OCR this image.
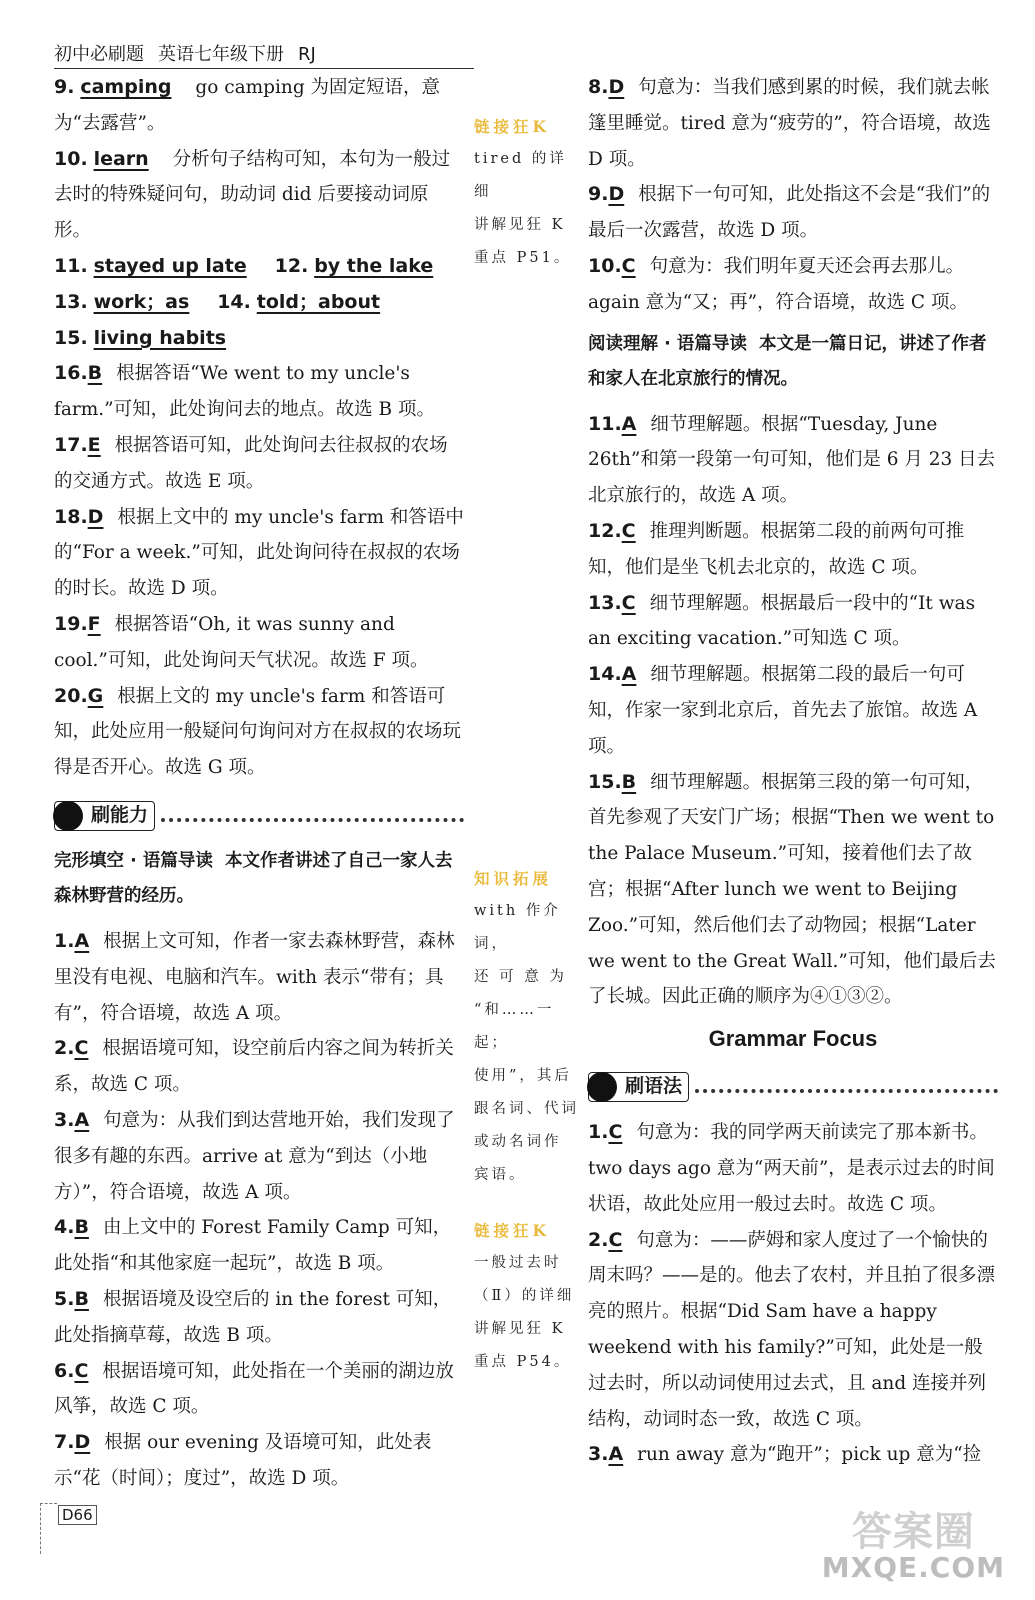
初中必刷题 英语七年级下册 RJ
9. camping go camping 为固定短语，意为“去露营”。
10. learn 分析句子结构可知，本句为一般过去时的特殊疑问句，助动词 did 后要接动词原形。
11. stayed up late 12. by the lake
13. work；as 14. told；about
15. living habits
16.B 根据答语“We went to my uncle's farm.”可知，此处询问去的地点。故选 B 项。
17.E 根据答语可知，此处询问去往叔叔的农场的交通方式。故选 E 项。
18.D 根据上文中的 my uncle's farm 和答语中的“For a week.”可知，此处询问待在叔叔的农场的时长。故选 D 项。
19.F 根据答语“Oh, it was sunny and cool.”可知，此处询问天气状况。故选 F 项。
20.G 根据上文的 my uncle's farm 和答语可知，此处应用一般疑问句询问对方在叔叔的农场玩得是否开心。故选 G 项。
刷能力
完形填空 · 语篇导读 本文作者讲述了自己一家人去森林野营的经历。
1.A 根据上文可知，作者一家去森林野营，森林里没有电视、电脑和汽车。with 表示“带有；具有”，符合语境，故选 A 项。
2.C 根据语境可知，设空前后内容之间为转折关系，故选 C 项。
3.A 句意为：从我们到达营地开始，我们发现了很多有趣的东西。arrive at 意为“到达（小地方）”，符合语境，故选 A 项。
4.B 由上文中的 Forest Family Camp 可知，此处指“和其他家庭一起玩”，故选 B 项。
5.B 根据语境及设空后的 in the forest 可知，此处指摘草莓，故选 B 项。
6.C 根据语境可知，此处指在一个美丽的湖边放风筝，故选 C 项。
7.D 根据 our evening 及语境可知，此处表示“花（时间）；度过”，故选 D 项。
链接狂K
tired 的详细
讲解见狂 K
重点 P51。
知识拓展
with 作介词，
还 可 意 为
“和……一起；
使用”，其后
跟名词、代词
或动名词作
宾语。
链接狂K
一般过去时
（Ⅱ）的详细
讲解见狂 K
重点 P54。
8.D 句意为：当我们感到累的时候，我们就去帐篷里睡觉。tired 意为“疲劳的”，符合语境，故选 D 项。
9.D 根据下一句可知，此处指这不会是“我们”的最后一次露营，故选 D 项。
10.C 句意为：我们明年夏天还会再去那儿。again 意为“又；再”，符合语境，故选 C 项。
阅读理解 · 语篇导读 本文是一篇日记，讲述了作者和家人在北京旅行的情况。
11.A 细节理解题。根据“Tuesday, June 26th”和第一段第一句可知，他们是 6 月 23 日去北京旅行的，故选 A 项。
12.C 推理判断题。根据第二段的前两句可推知，他们是坐飞机去北京的，故选 C 项。
13.C 细节理解题。根据最后一段中的“It was an exciting vacation.”可知选 C 项。
14.A 细节理解题。根据第二段的最后一句可知，作家一家到北京后，首先去了旅馆。故选 A 项。
15.B 细节理解题。根据第三段的第一句可知，首先参观了天安门广场；根据“Then we went to the Palace Museum.”可知，接着他们去了故宫；根据“After lunch we went to Beijing Zoo.”可知，然后他们去了动物园；根据“Later we went to the Great Wall.”可知，他们最后去了长城。因此正确的顺序为④①③②。
Grammar Focus
刷语法
1.C 句意为：我的同学两天前读完了那本新书。two days ago 意为“两天前”，是表示过去的时间状语，故此处应用一般过去时。故选 C 项。
2.C 句意为：——萨姆和家人度过了一个愉快的周末吗？——是的。他去了农村，并且拍了很多漂亮的照片。根据“Did Sam have a happy weekend with his family?”可知，此处是一般过去时，所以动词使用过去式，且 and 连接并列结构，动词时态一致，故选 C 项。
3.A run away 意为“跑开”；pick up 意为“捡
D66	答案圈
MXQE.COM
